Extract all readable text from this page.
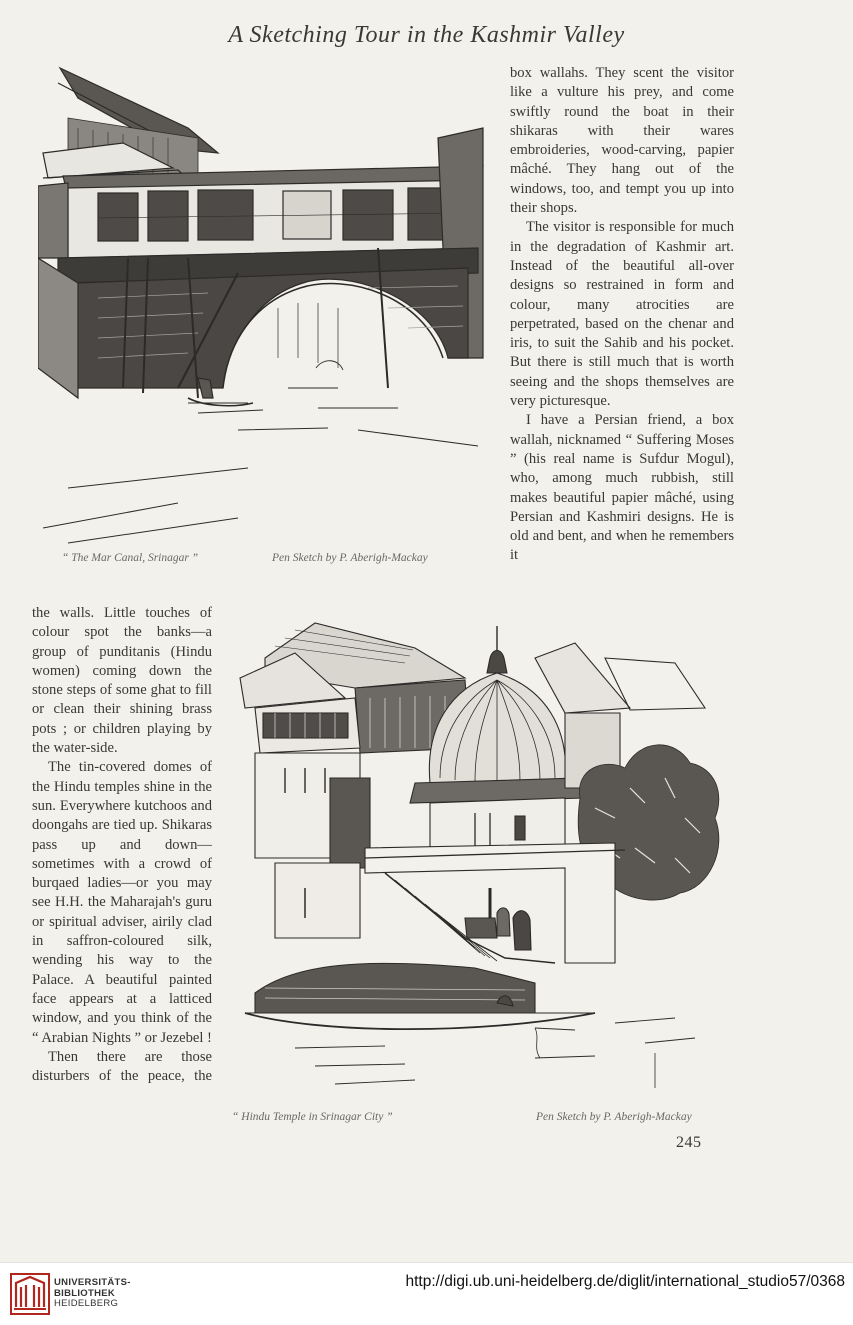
A Sketching Tour in the Kashmir Valley
“ The Mar Canal, Srinagar ”	Pen Sketch by P. Aberigh-Mackay

box wallahs. They scent the visitor like a vulture his prey, and come swiftly round the boat in their shikaras with their wares embroideries, wood-carving, papier mâché. They hang out of the windows, too, and tempt you up into their shops.

The visitor is responsible for much in the degradation of Kashmir art. Instead of the beautiful all-over designs so restrained in form and colour, many atrocities are perpetrated, based on the chenar and iris, to suit the Sahib and his pocket. But there is still much that is worth seeing and the shops themselves are very picturesque.

I have a Persian friend, a box wallah, nicknamed “ Suffering Moses ” (his real name is Sufdur Mogul), who, among much rubbish, still makes beautiful papier mâché, using Persian and Kashmiri designs. He is old and bent, and when he remembers it

the walls. Little touches of colour spot the banks—a group of punditanis (Hindu women) coming down the stone steps of some ghat to fill or clean their shining brass pots ; or children playing by the water-side.

The tin-covered domes of the Hindu temples shine in the sun. Everywhere kutchoos and doongahs are tied up. Shikaras pass up and down—sometimes with a crowd of burqaed ladies—or you may see H.H. the Maharajah's guru or spiritual adviser, airily clad in saffron-coloured silk, wending his way to the Palace. A beautiful painted face appears at a latticed window, and you think of the “ Arabian Nights ” or Jezebel !

Then there are those disturbers of the peace, the

“ Hindu Temple in Srinagar City ”	Pen Sketch by P. Aberigh-Mackay
245
UNIVERSITÄTS-
BIBLIOTHEK
HEIDELBERG
http://digi.ub.uni-heidelberg.de/diglit/international_studio57/0368
